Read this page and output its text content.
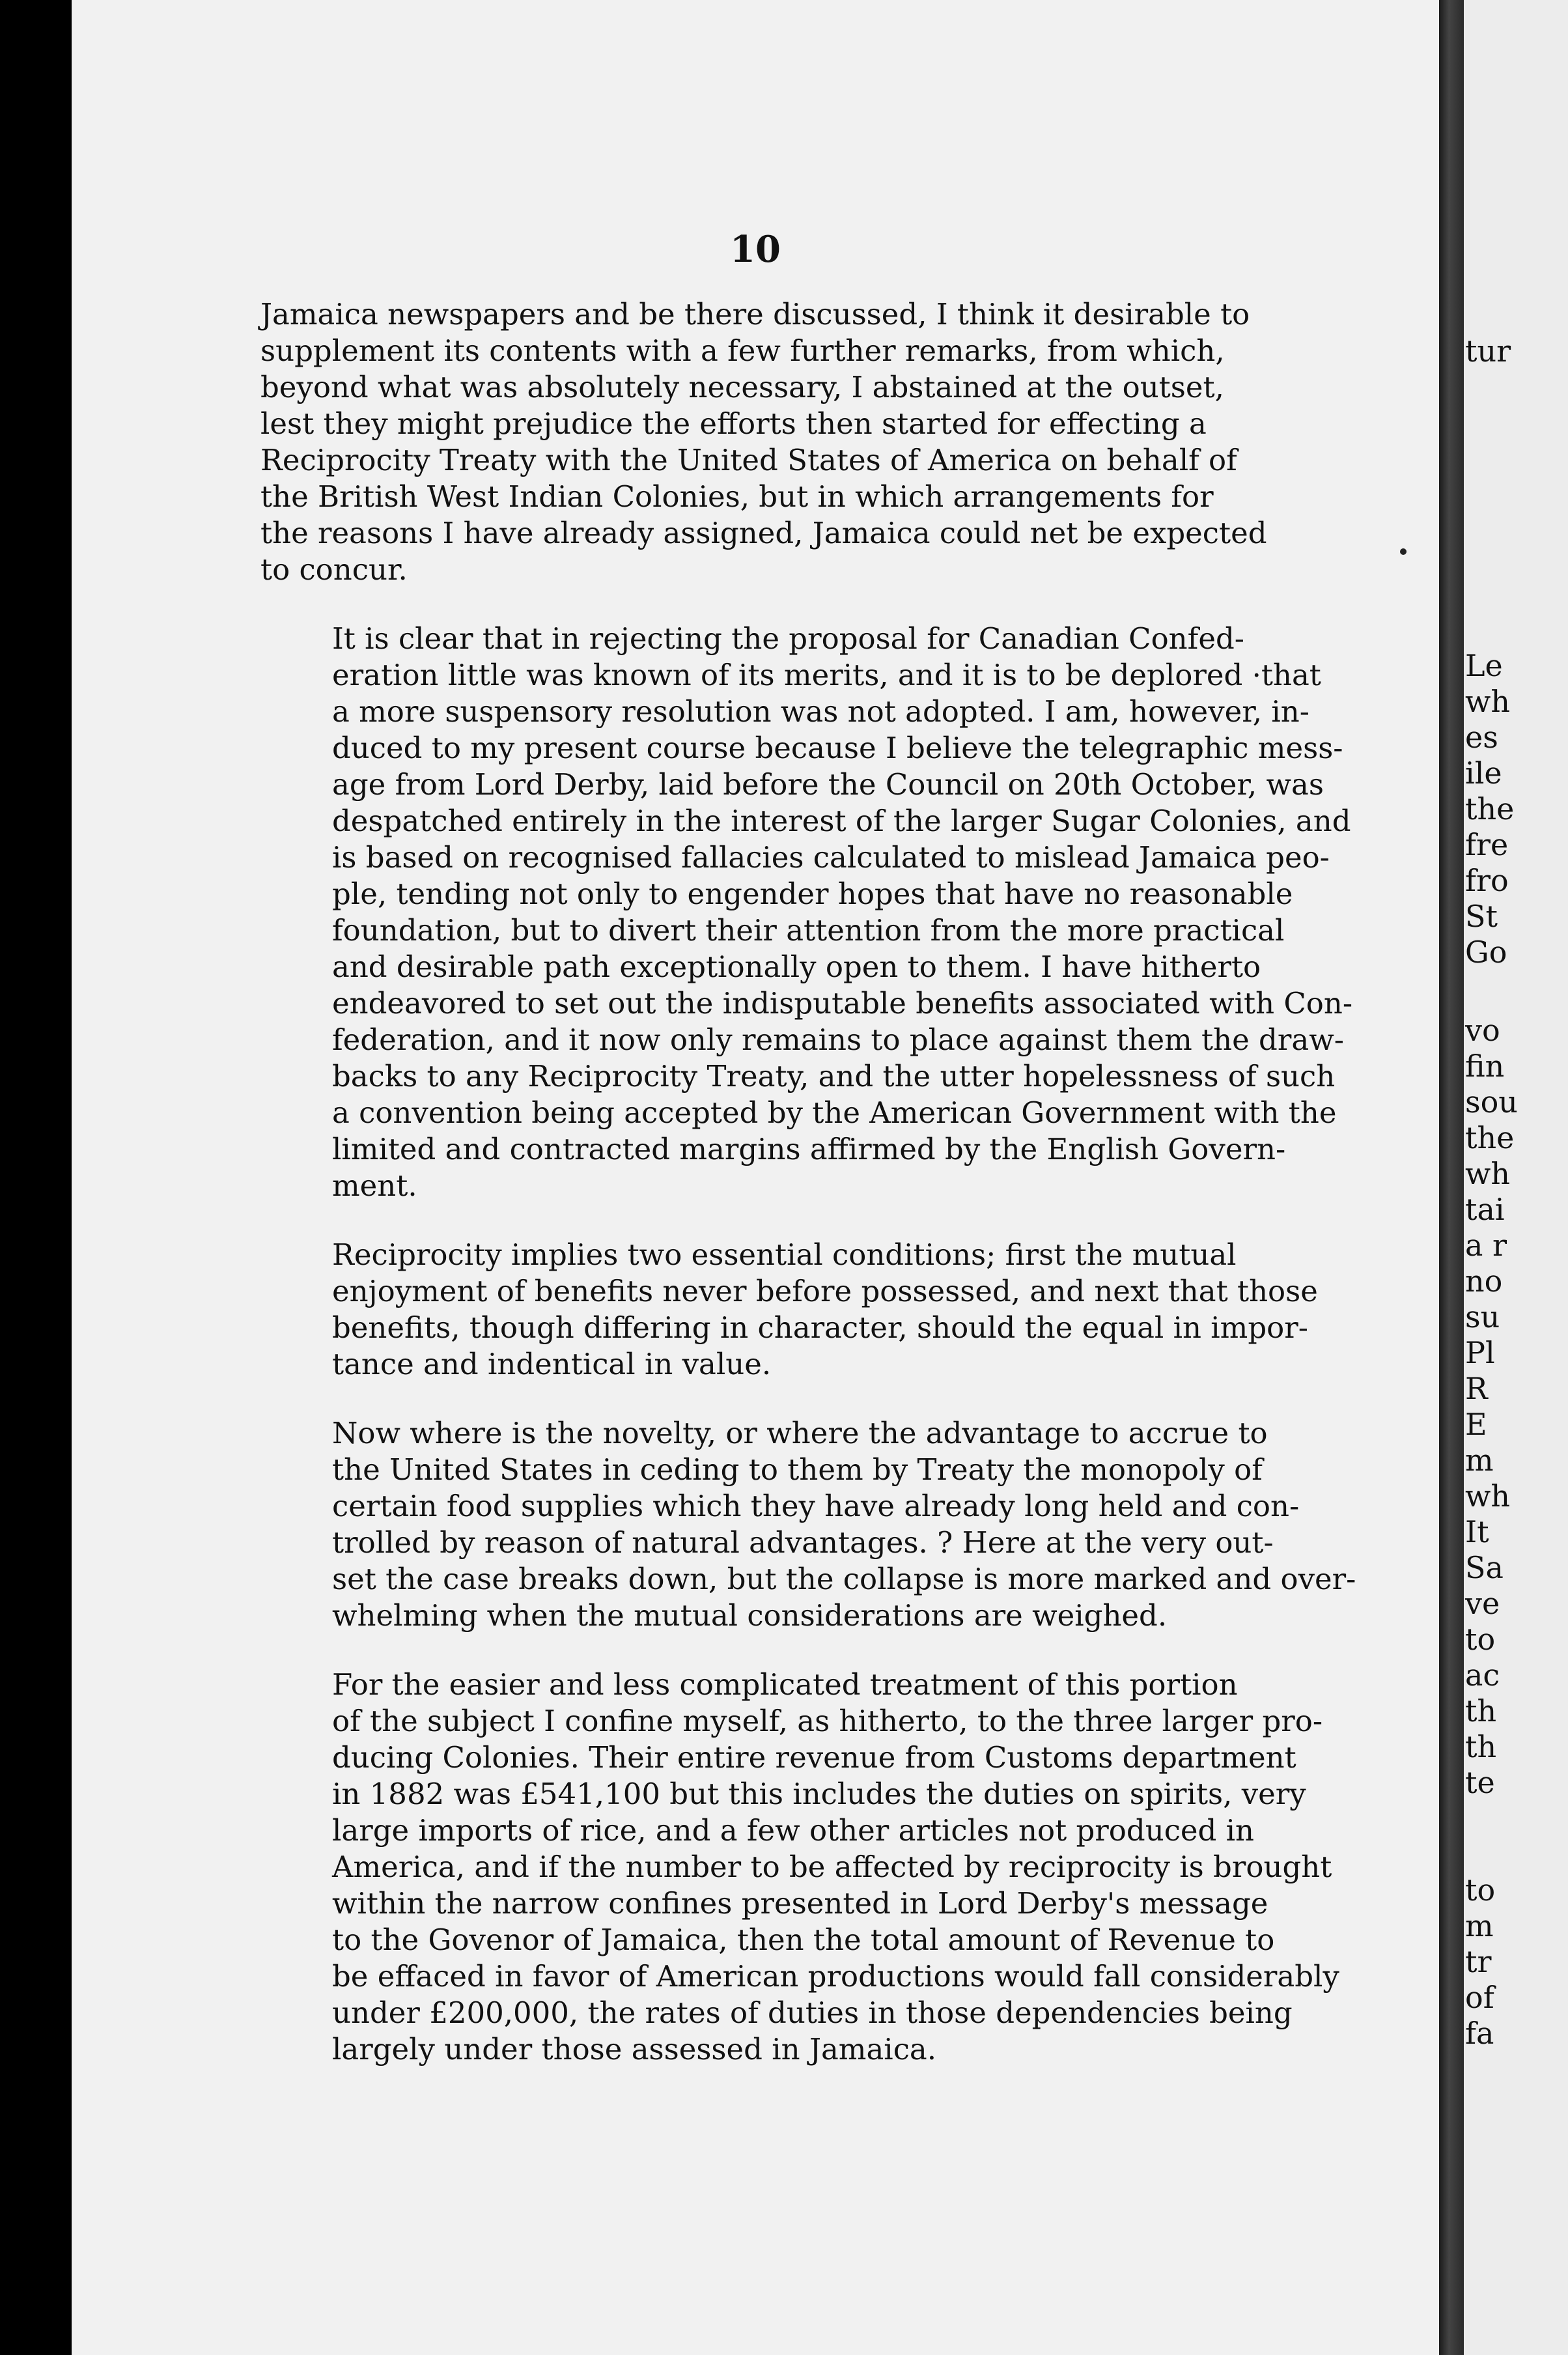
10

Jamaica newspapers and be there discussed, I think it desirable to
supplement its contents with a few further remarks, from which,
beyond what was absolutely necessary, I abstained at the outset,
lest they might prejudice the efforts then started for effecting a
Reciprocity Treaty with the United States of America on behalf of
the British West Indian Colonies, but in which arrangements for
the reasons I have already assigned, Jamaica could net be expected
to concur.

It is clear that in rejecting the proposal for Canadian Confed-
eration little was known of its merits, and it is to be deplored ·that
a more suspensory resolution was not adopted. I am, however, in-
duced to my present course because I believe the telegraphic mess-
age from Lord Derby, laid before the Council on 20th October, was
despatched entirely in the interest of the larger Sugar Colonies, and
is based on recognised fallacies calculated to mislead Jamaica peo-
ple, tending not only to engender hopes that have no reasonable
foundation, but to divert their attention from the more practical
and desirable path exceptionally open to them. I have hitherto
endeavored to set out the indisputable benefits associated with Con-
federation, and it now only remains to place against them the draw-
backs to any Reciprocity Treaty, and the utter hopelessness of such
a convention being accepted by the American Government with the
limited and contracted margins affirmed by the English Govern-
ment.

Reciprocity implies two essential conditions; first the mutual
enjoyment of benefits never before possessed, and next that those
benefits, though differing in character, should the equal in impor-
tance and indentical in value.

Now where is the novelty, or where the advantage to accrue to
the United States in ceding to them by Treaty the monopoly of
certain food supplies which they have already long held and con-
trolled by reason of natural advantages. ? Here at the very out-
set the case breaks down, but the collapse is more marked and over-
whelming when the mutual considerations are weighed.

For the easier and less complicated treatment of this portion
of the subject I confine myself, as hitherto, to the three larger pro-
ducing Colonies. Their entire revenue from Customs department
in 1882 was £541,100 but this includes the duties on spirits, very
large imports of rice, and a few other articles not produced in
America, and if the number to be affected by reciprocity is brought
within the narrow confines presented in Lord Derby's message
to the Govenor of Jamaica, then the total amount of Revenue to
be effaced in favor of American productions would fall considerably
under £200,000, the rates of duties in those dependencies being
largely under those assessed in Jamaica.

tur
Le
wh
es
ile
the
fre
fro
St
Go
vo
fin
sou
the
wh
tai
a r
no
su
Pl
R
E
m
wh
It
Sa
ve
to
ac
th
th
te
to
m
tr
of
fa
